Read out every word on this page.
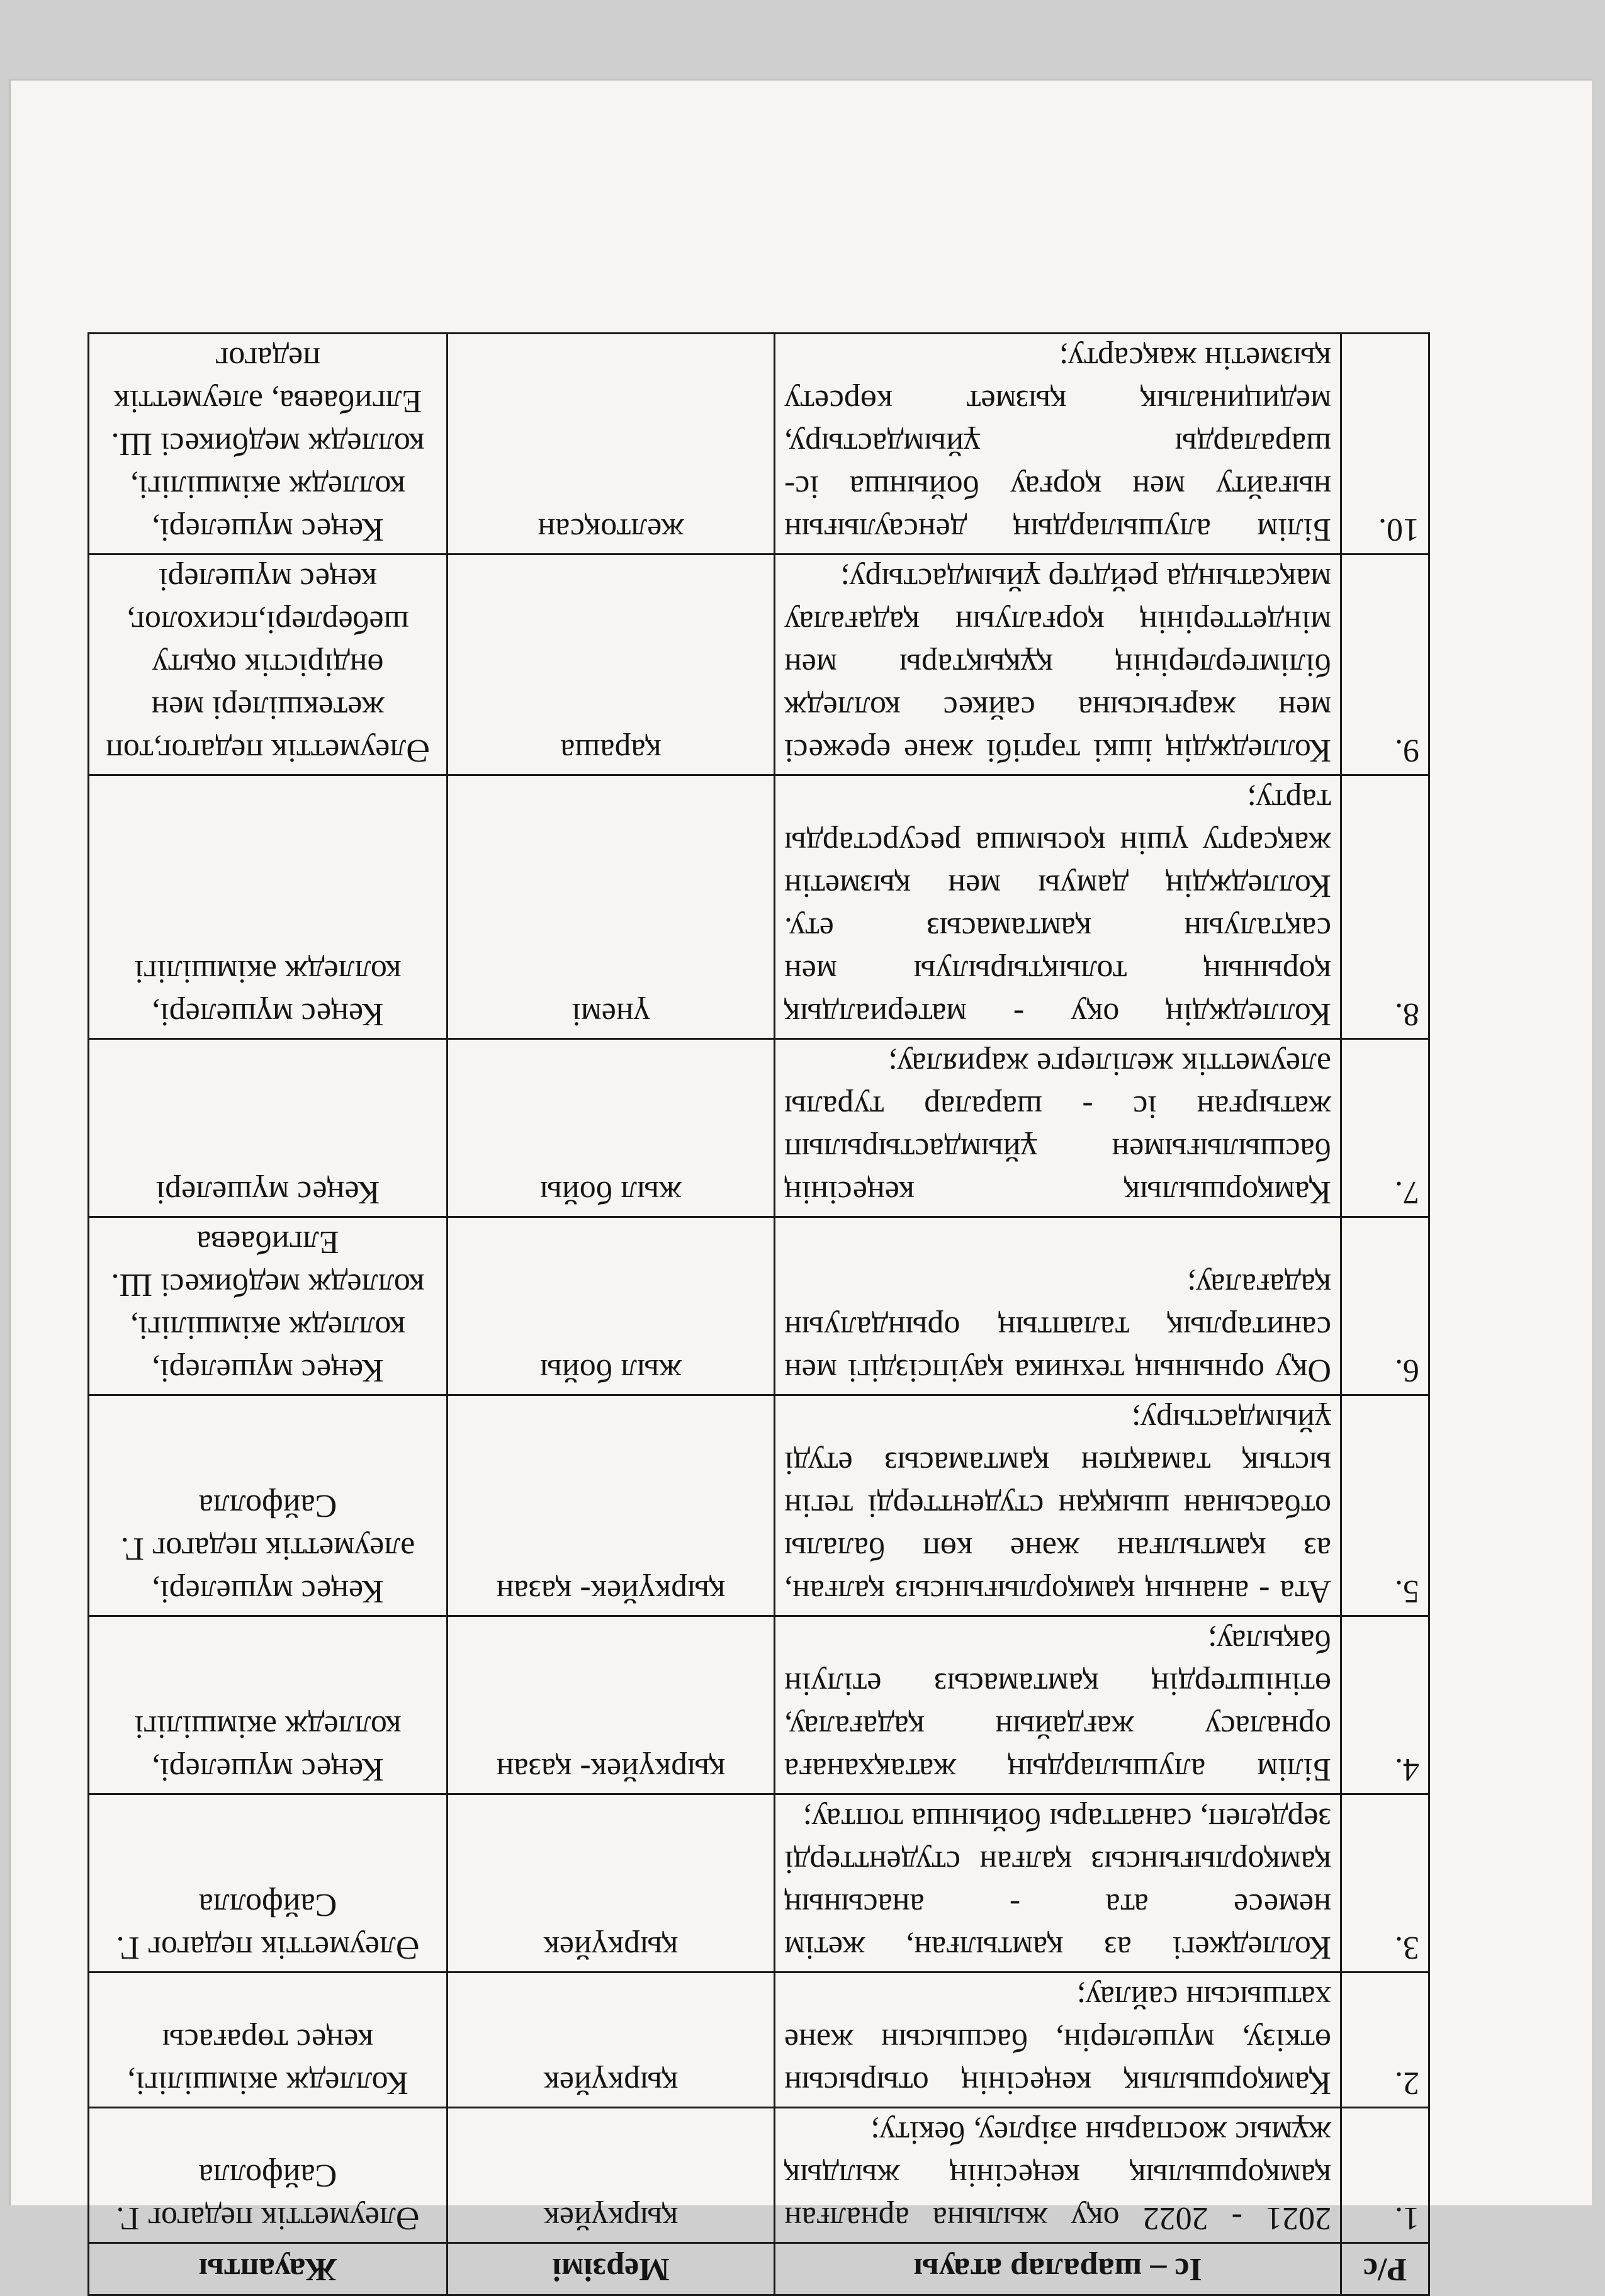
Р/с	Іс – шаралар атауы	Мерзімі	Жауапты
1.	2021 - 2022 оқу жылына арналған қамқоршылық кеңесінің жылдық жұмыс жоспарын әзірлеу, бекіту;	қыркүйек	Әлеуметтік педагог Г. Сайфолла
2.	Қамқоршылық кеңесінің отырысын өткізу, мүшелерін, басшысын және хатшысын сайлау;	қыркүйек	Колледж әкімшілігі, кеңес төрағасы
3.	Колледжегі аз қамтылған, жетім немесе ата - анасының қамқорлығынсыз қалған студенттерді зерделеп, санаттары бойынша топтау;	қыркүйек	Әлеуметтік педагог Г. Сайфолла
4.	Білім алушылардың жатақханаға орналасу жағдайын қадағалау, өтініштердің қамтамасыз етілуін бақылау;	қыркүйек- қазан	Кеңес мүшелері, колледж әкімшілігі
5.	Ата - ананың қамқорлығынсыз қалған, аз қамтылған және көп балалы отбасынан шыққан студенттерді тегін ыстық тамақпен қамтамасыз етуді ұйымдастыру;	қыркүйек- қазан	Кеңес мүшелері, әлеуметтік педагог Г. Сайфолла
6.	Оқу орнының техника қауіпсіздігі мен санитарлық талаптың орындалуын қадағалау;	жыл бойы	Кеңес мүшелері, колледж әкімшілігі, колледж медбикесі Ш. Елгибаева
7.	Қамқоршылық кеңесінің басшылығымен ұйымдастырылып жатырған іс - шаралар туралы әлеуметтік желілерге жариялау;	жыл бойы	Кеңес мүшелері
8.	Колледждің оқу - материалдық қорының толықтырылуы мен сақталуын қамтамасыз ету. Колледждің дамуы мен қызметін жақсарту үшін қосымша ресурстарды тарту;	үнемі	Кеңес мүшелері, колледж әкімшілігі
9.	Колледждің ішкі тәртібі және ережесі мен жарғысына сайкес колледж білімгерлерінің құқықтары мен міндеттерінің қорғалуын қадағалау мақсатында рейдтер ұйымдастыру;	қараша	Әлеуметтік педагог,топ жетекшілері мен өндірістік оқыту шеберлері,психолог, кеңес мүшелері
10.	Білім алушылардың денсаулығын нығайту мен қорғау бойынша іс-шараларды ұйымдастыру, медициналық қызмет көрсету қызметін жақсарту;	желтоқсан	Кеңес мүшелері, колледж әкімшілігі, колледж медбикесі Ш. Елгибаева, әлеуметтік педагог
